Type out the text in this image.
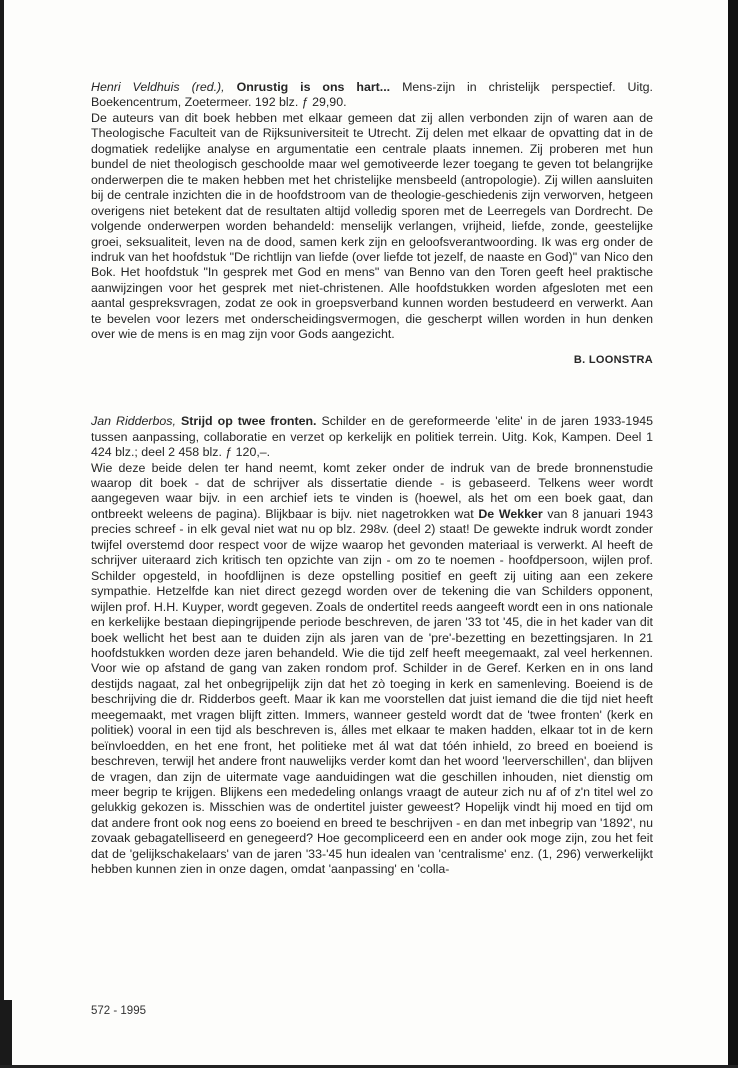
Henri Veldhuis (red.), Onrustig is ons hart... Mens-zijn in christelijk perspectief. Uitg. Boekencentrum, Zoetermeer. 192 blz. ƒ 29,90.

De auteurs van dit boek hebben met elkaar gemeen dat zij allen verbonden zijn of waren aan de Theologische Faculteit van de Rijksuniversiteit te Utrecht. Zij delen met elkaar de opvatting dat in de dogmatiek redelijke analyse en argumentatie een centrale plaats innemen. Zij proberen met hun bundel de niet theologisch geschoolde maar wel gemotiveerde lezer toegang te geven tot belangrijke onderwerpen die te maken hebben met het christelijke mensbeeld (antropologie). Zij willen aansluiten bij de centrale inzichten die in de hoofdstroom van de theologie-geschiedenis zijn verworven, hetgeen overigens niet betekent dat de resultaten altijd volledig sporen met de Leerregels van Dordrecht. De volgende onderwerpen worden behandeld: menselijk verlangen, vrijheid, liefde, zonde, geestelijke groei, seksualiteit, leven na de dood, samen kerk zijn en geloofsverantwoording. Ik was erg onder de indruk van het hoofdstuk "De richtlijn van liefde (over liefde tot jezelf, de naaste en God)" van Nico den Bok. Het hoofdstuk "In gesprek met God en mens" van Benno van den Toren geeft heel praktische aanwijzingen voor het gesprek met niet-christenen. Alle hoofdstukken worden afgesloten met een aantal gespreksvragen, zodat ze ook in groepsverband kunnen worden bestudeerd en verwerkt. Aan te bevelen voor lezers met onderscheidingsvermogen, die gescherpt willen worden in hun denken over wie de mens is en mag zijn voor Gods aangezicht.

B. LOONSTRA

Jan Ridderbos, Strijd op twee fronten. Schilder en de gereformeerde 'elite' in de jaren 1933-1945 tussen aanpassing, collaboratie en verzet op kerkelijk en politiek terrein. Uitg. Kok, Kampen. Deel 1 424 blz.; deel 2 458 blz. ƒ 120,–.

Wie deze beide delen ter hand neemt, komt zeker onder de indruk van de brede bronnenstudie waarop dit boek - dat de schrijver als dissertatie diende - is gebaseerd. Telkens weer wordt aangegeven waar bijv. in een archief iets te vinden is (hoewel, als het om een boek gaat, dan ontbreekt weleens de pagina). Blijkbaar is bijv. niet nagetrokken wat De Wekker van 8 januari 1943 precies schreef - in elk geval niet wat nu op blz. 298v. (deel 2) staat! De gewekte indruk wordt zonder twijfel overstemd door respect voor de wijze waarop het gevonden materiaal is verwerkt. Al heeft de schrijver uiteraard zich kritisch ten opzichte van zijn - om zo te noemen - hoofdpersoon, wijlen prof. Schilder opgesteld, in hoofdlijnen is deze opstelling positief en geeft zij uiting aan een zekere sympathie. Hetzelfde kan niet direct gezegd worden over de tekening die van Schilders opponent, wijlen prof. H.H. Kuyper, wordt gegeven. Zoals de ondertitel reeds aangeeft wordt een in ons nationale en kerkelijke bestaan diepingrijpende periode beschreven, de jaren '33 tot '45, die in het kader van dit boek wellicht het best aan te duiden zijn als jaren van de 'pre'-bezetting en bezettingsjaren. In 21 hoofdstukken worden deze jaren behandeld. Wie die tijd zelf heeft meegemaakt, zal veel herkennen. Voor wie op afstand de gang van zaken rondom prof. Schilder in de Geref. Kerken en in ons land destijds nagaat, zal het onbegrijpelijk zijn dat het zò toeging in kerk en samenleving. Boeiend is de beschrijving die dr. Ridderbos geeft. Maar ik kan me voorstellen dat juist iemand die die tijd niet heeft meegemaakt, met vragen blijft zitten. Immers, wanneer gesteld wordt dat de 'twee fronten' (kerk en politiek) vooral in een tijd als beschreven is, álles met elkaar te maken hadden, elkaar tot in de kern beïnvloedden, en het ene front, het politieke met ál wat dat tóén inhield, zo breed en boeiend is beschreven, terwijl het andere front nauwelijks verder komt dan het woord 'leerverschillen', dan blijven de vragen, dan zijn de uitermate vage aanduidingen wat die geschillen inhouden, niet dienstig om meer begrip te krijgen. Blijkens een mededeling onlangs vraagt de auteur zich nu af of z'n titel wel zo gelukkig gekozen is. Misschien was de ondertitel juister geweest? Hopelijk vindt hij moed en tijd om dat andere front ook nog eens zo boeiend en breed te beschrijven - en dan met inbegrip van '1892', nu zovaak gebagatelliseerd en genegeerd? Hoe gecompliceerd een en ander ook moge zijn, zou het feit dat de 'gelijkschakelaars' van de jaren '33-'45 hun idealen van 'centralisme' enz. (1, 296) verwerkelijkt hebben kunnen zien in onze dagen, omdat 'aanpassing' en 'colla-

572 - 1995
